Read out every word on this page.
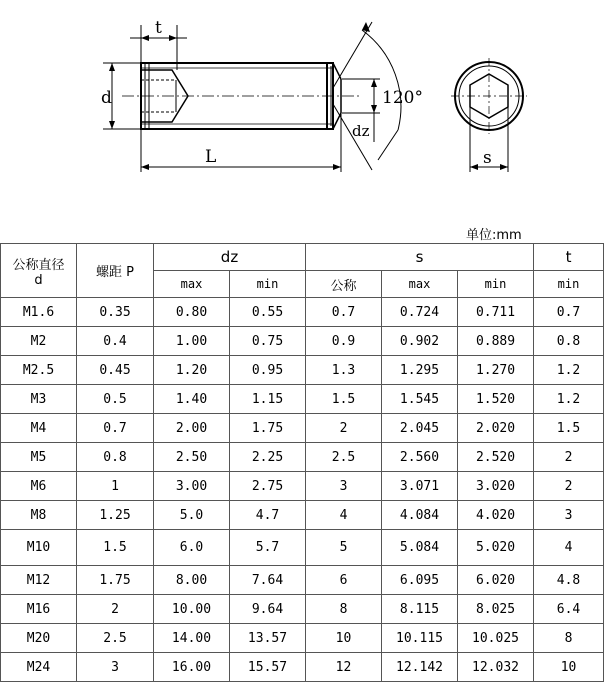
t
d
L
dz
120°
s
单位:mm
公称直径
d	螺距 P	dz		s			t
		max	min	公称	max	min	min
M1.6	0.35	0.80	0.55	0.7	0.724	0.711	0.7
M2	0.4	1.00	0.75	0.9	0.902	0.889	0.8
M2.5	0.45	1.20	0.95	1.3	1.295	1.270	1.2
M3	0.5	1.40	1.15	1.5	1.545	1.520	1.2
M4	0.7	2.00	1.75	2	2.045	2.020	1.5
M5	0.8	2.50	2.25	2.5	2.560	2.520	2
M6	1	3.00	2.75	3	3.071	3.020	2
M8	1.25	5.0	4.7	4	4.084	4.020	3
M10	1.5	6.0	5.7	5	5.084	5.020	4
M12	1.75	8.00	7.64	6	6.095	6.020	4.8
M16	2	10.00	9.64	8	8.115	8.025	6.4
M20	2.5	14.00	13.57	10	10.115	10.025	8
M24	3	16.00	15.57	12	12.142	12.032	10
